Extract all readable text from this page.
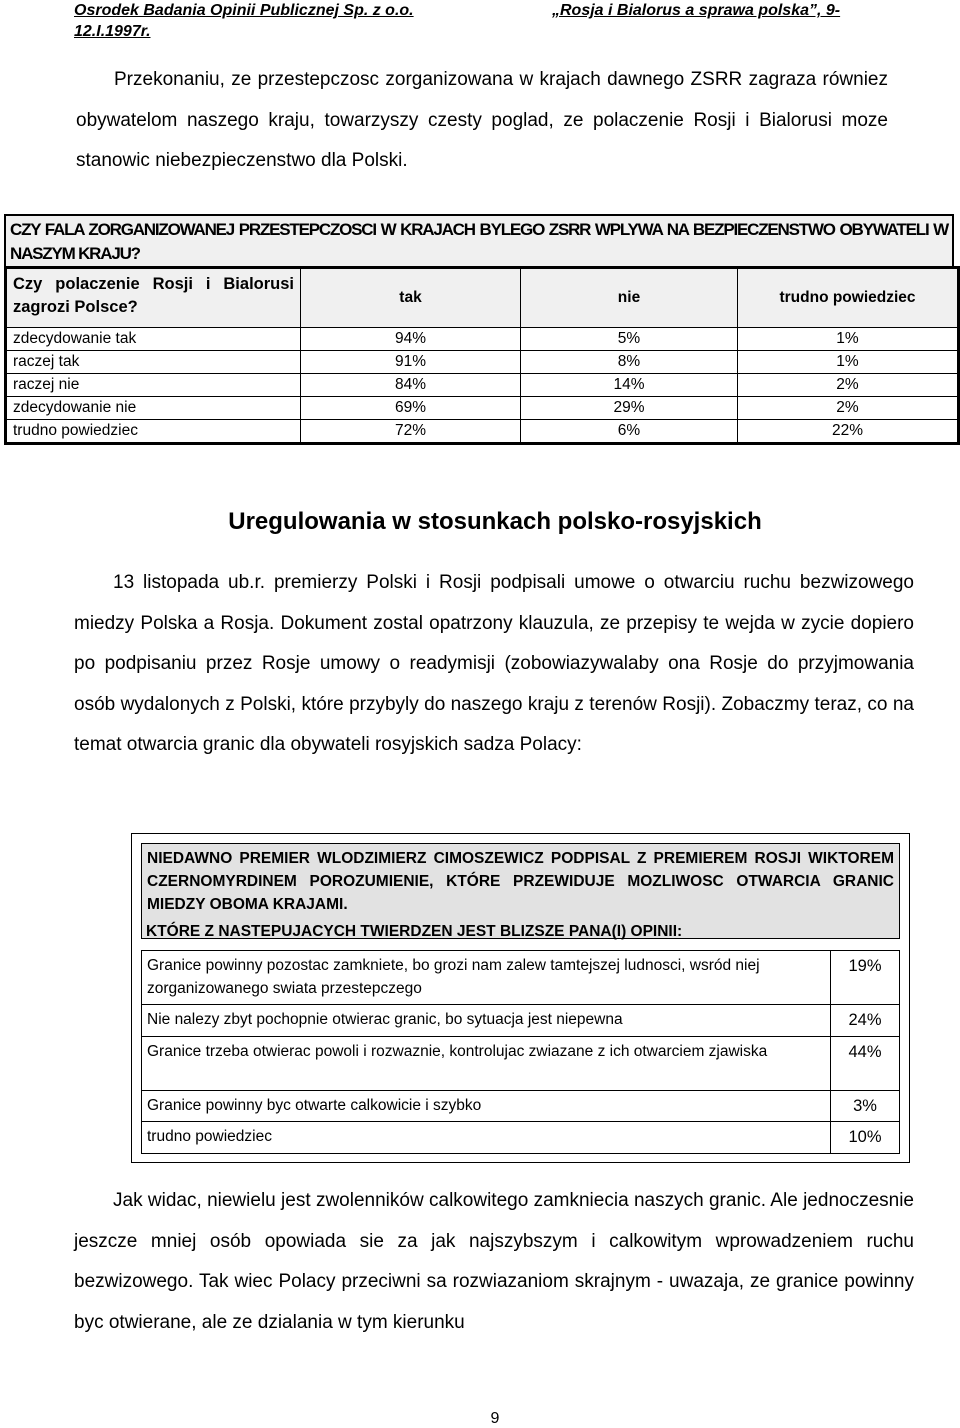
Osrodek Badania Opinii Publicznej Sp. z o.o.	„Rosja i Bialorus a sprawa polska”, 9-
12.I.1997r.
Przekonaniu, ze przestepczosc zorganizowana w krajach dawnego ZSRR zagraza równiez obywatelom naszego kraju, towarzyszy czesty poglad, ze polaczenie Rosji i Bialorusi moze stanowic niebezpieczenstwo dla Polski.
CZY FALA ZORGANIZOWANEJ PRZESTEPCZOSCI W KRAJACH BYLEGO ZSRR WPLYWA NA BEZPIECZENSTWO OBYWATELI W NASZYM KRAJU?
Czy polaczenie Rosji i Bialorusi zagrozi Polsce?	tak	nie	trudno powiedziec
zdecydowanie tak	94%	5%	1%
raczej tak	91%	8%	1%
raczej nie	84%	14%	2%
zdecydowanie nie	69%	29%	2%
trudno powiedziec	72%	6%	22%
Uregulowania w stosunkach polsko-rosyjskich
13 listopada ub.r. premierzy Polski i Rosji podpisali umowe o otwarciu ruchu bezwizowego miedzy Polska a Rosja. Dokument zostal opatrzony klauzula, ze przepisy te wejda w zycie dopiero po podpisaniu przez Rosje umowy o readymisji (zobowiazywalaby ona Rosje do przyjmowania osób wydalonych z Polski, które przybyly do naszego kraju z terenów Rosji). Zobaczmy teraz, co na temat otwarcia granic dla obywateli rosyjskich sadza Polacy:
NIEDAWNO PREMIER WLODZIMIERZ CIMOSZEWICZ PODPISAL Z PREMIEREM ROSJI WIKTOREM CZERNOMYRDINEM POROZUMIENIE, KTÓRE PRZEWIDUJE MOZLIWOSC OTWARCIA GRANIC MIEDZY OBOMA KRAJAMI.
KTÓRE Z NASTEPUJACYCH TWIERDZEN JEST BLIZSZE PANA(I) OPINII:
Granice powinny pozostac zamkniete, bo grozi nam zalew tamtejszej ludnosci, wsród niej zorganizowanego swiata przestepczego	19%
Nie nalezy zbyt pochopnie otwierac granic, bo sytuacja jest niepewna	24%
Granice trzeba otwierac powoli i rozwaznie, kontrolujac zwiazane z ich otwarciem zjawiska	44%
Granice powinny byc otwarte calkowicie i szybko	3%
trudno powiedziec	10%
Jak widac, niewielu jest zwolenników calkowitego zamkniecia naszych granic. Ale jednoczesnie jeszcze mniej osób opowiada sie za jak najszybszym i calkowitym wprowadzeniem ruchu bezwizowego. Tak wiec Polacy przeciwni sa rozwiazaniom skrajnym - uwazaja, ze granice powinny byc otwierane, ale ze dzialania w tym kierunku
9
